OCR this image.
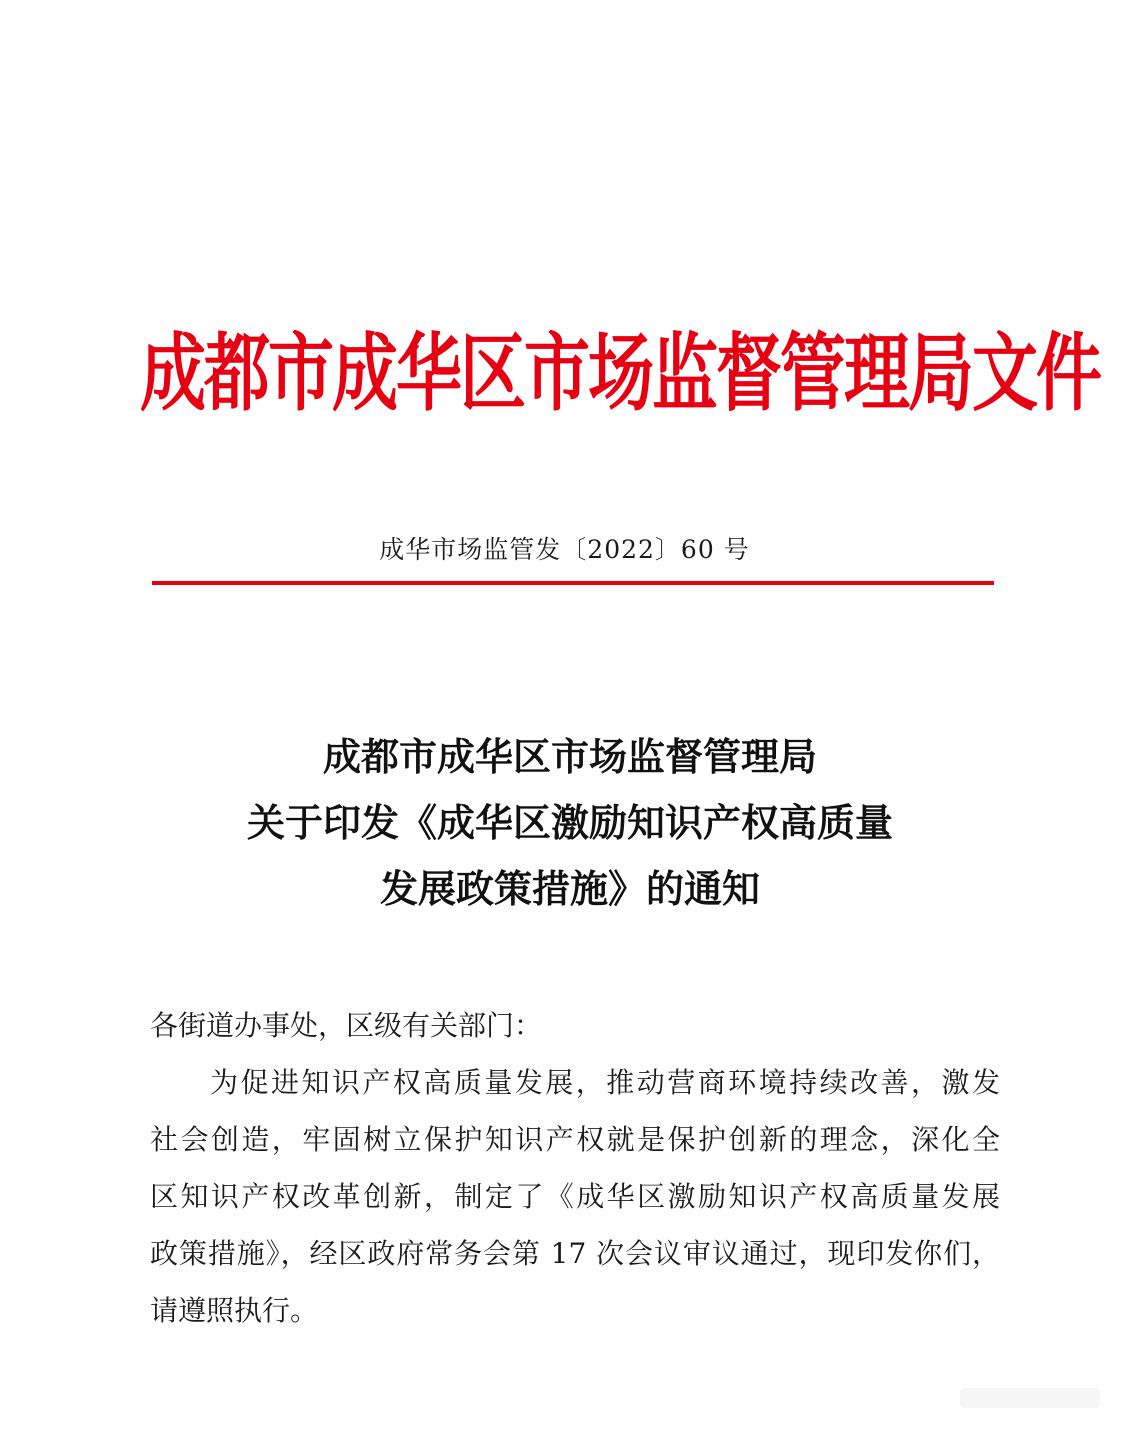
成都市成华区市场监督管理局文件
成华市场监管发〔2022〕60 号
成都市成华区市场监督管理局
关于印发《成华区激励知识产权高质量
发展政策措施》的通知
各街道办事处，区级有关部门：
为促进知识产权高质量发展，推动营商环境持续改善，激发
社会创造，牢固树立保护知识产权就是保护创新的理念，深化全
区知识产权改革创新，制定了《成华区激励知识产权高质量发展
政策措施》，经区政府常务会第 17 次会议审议通过，现印发你们，
请遵照执行。
